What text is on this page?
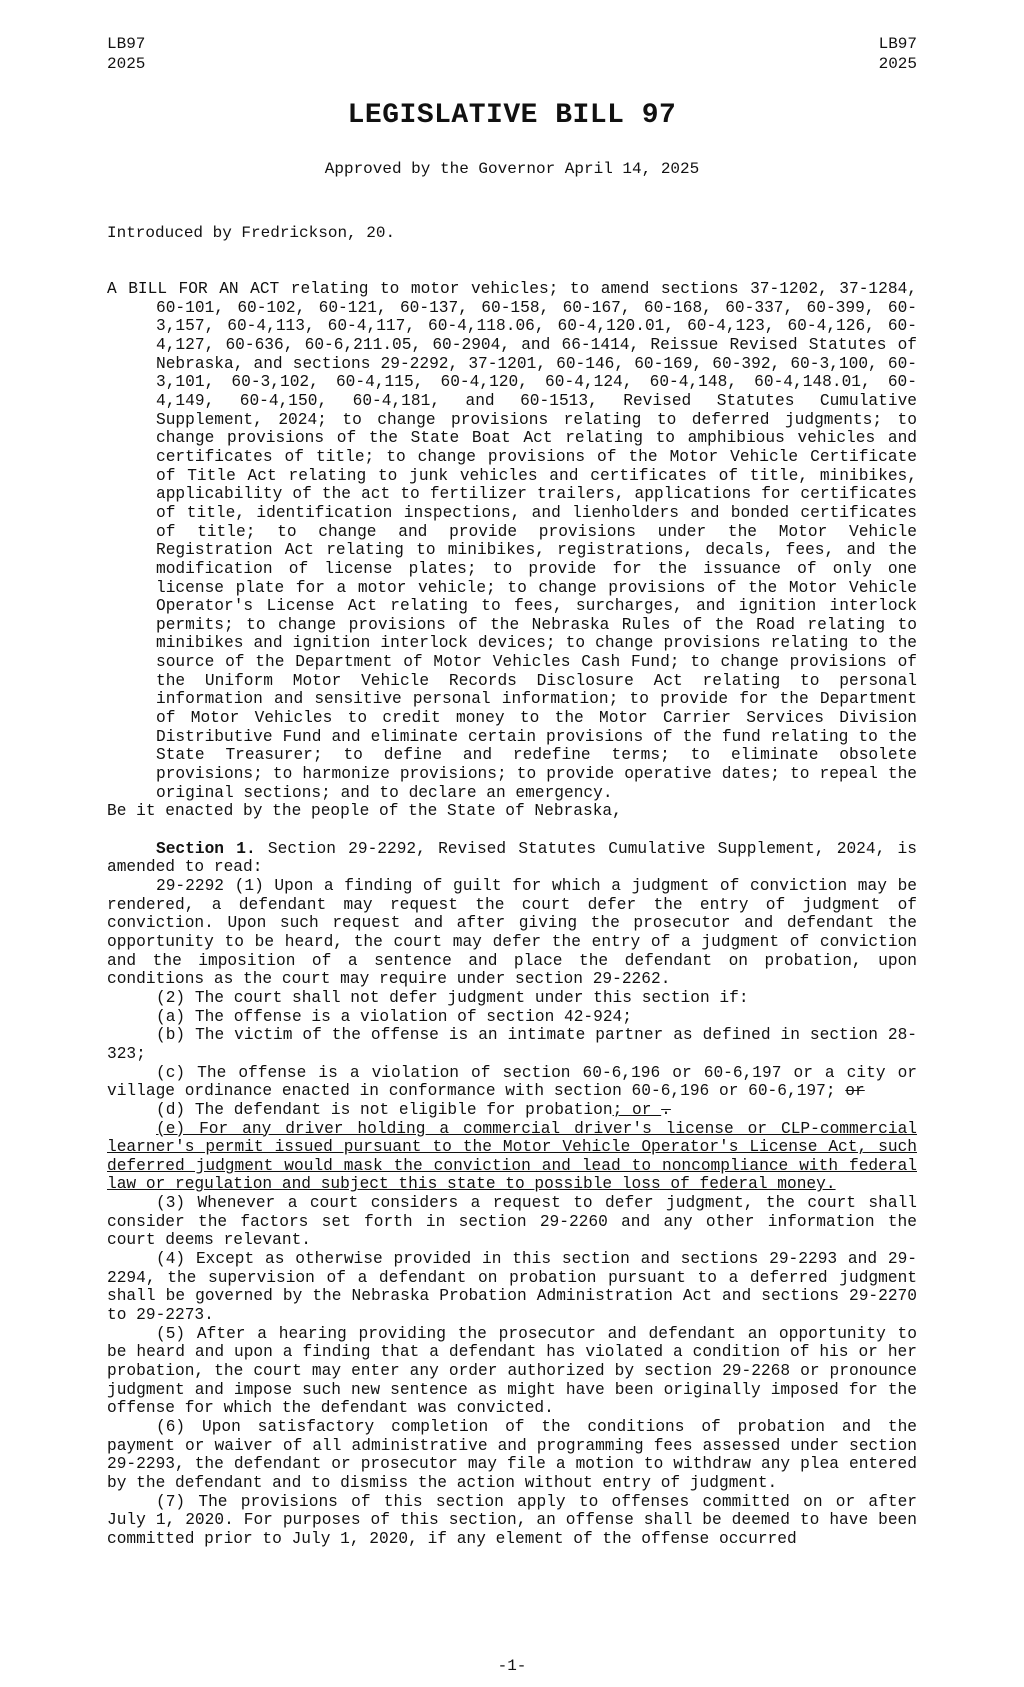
LB97
2025
LB97
2025
LEGISLATIVE BILL 97
Approved by the Governor April 14, 2025
Introduced by Fredrickson, 20.

A BILL FOR AN ACT relating to motor vehicles; to amend sections 37-1202, 37-1284, 60-101, 60-102, 60-121, 60-137, 60-158, 60-167, 60-168, 60-337, 60-399, 60-3,157, 60-4,113, 60-4,117, 60-4,118.06, 60-4,120.01, 60-4,123, 60-4,126, 60-4,127, 60-636, 60-6,211.05, 60-2904, and 66-1414, Reissue Revised Statutes of Nebraska, and sections 29-2292, 37-1201, 60-146, 60-169, 60-392, 60-3,100, 60-3,101, 60-3,102, 60-4,115, 60-4,120, 60-4,124, 60-4,148, 60-4,148.01, 60-4,149, 60-4,150, 60-4,181, and 60-1513, Revised Statutes Cumulative Supplement, 2024; to change provisions relating to deferred judgments; to change provisions of the State Boat Act relating to amphibious vehicles and certificates of title; to change provisions of the Motor Vehicle Certificate of Title Act relating to junk vehicles and certificates of title, minibikes, applicability of the act to fertilizer trailers, applications for certificates of title, identification inspections, and lienholders and bonded certificates of title; to change and provide provisions under the Motor Vehicle Registration Act relating to minibikes, registrations, decals, fees, and the modification of license plates; to provide for the issuance of only one license plate for a motor vehicle; to change provisions of the Motor Vehicle Operator's License Act relating to fees, surcharges, and ignition interlock permits; to change provisions of the Nebraska Rules of the Road relating to minibikes and ignition interlock devices; to change provisions relating to the source of the Department of Motor Vehicles Cash Fund; to change provisions of the Uniform Motor Vehicle Records Disclosure Act relating to personal information and sensitive personal information; to provide for the Department of Motor Vehicles to credit money to the Motor Carrier Services Division Distributive Fund and eliminate certain provisions of the fund relating to the State Treasurer; to define and redefine terms; to eliminate obsolete provisions; to harmonize provisions; to provide operative dates; to repeal the original sections; and to declare an emergency.

Be it enacted by the people of the State of Nebraska,

Section 1. Section 29-2292, Revised Statutes Cumulative Supplement, 2024, is amended to read:

29-2292 (1) Upon a finding of guilt for which a judgment of conviction may be rendered, a defendant may request the court defer the entry of judgment of conviction. Upon such request and after giving the prosecutor and defendant the opportunity to be heard, the court may defer the entry of a judgment of conviction and the imposition of a sentence and place the defendant on probation, upon conditions as the court may require under section 29-2262.

(2) The court shall not defer judgment under this section if:

(a) The offense is a violation of section 42-924;

(b) The victim of the offense is an intimate partner as defined in section 28-323;

(c) The offense is a violation of section 60-6,196 or 60-6,197 or a city or village ordinance enacted in conformance with section 60-6,196 or 60-6,197; or

(d) The defendant is not eligible for probation; or .

(e) For any driver holding a commercial driver's license or CLP-commercial learner's permit issued pursuant to the Motor Vehicle Operator's License Act, such deferred judgment would mask the conviction and lead to noncompliance with federal law or regulation and subject this state to possible loss of federal money.

(3) Whenever a court considers a request to defer judgment, the court shall consider the factors set forth in section 29-2260 and any other information the court deems relevant.

(4) Except as otherwise provided in this section and sections 29-2293 and 29-2294, the supervision of a defendant on probation pursuant to a deferred judgment shall be governed by the Nebraska Probation Administration Act and sections 29-2270 to 29-2273.

(5) After a hearing providing the prosecutor and defendant an opportunity to be heard and upon a finding that a defendant has violated a condition of his or her probation, the court may enter any order authorized by section 29-2268 or pronounce judgment and impose such new sentence as might have been originally imposed for the offense for which the defendant was convicted.

(6) Upon satisfactory completion of the conditions of probation and the payment or waiver of all administrative and programming fees assessed under section 29-2293, the defendant or prosecutor may file a motion to withdraw any plea entered by the defendant and to dismiss the action without entry of judgment.

(7) The provisions of this section apply to offenses committed on or after July 1, 2020. For purposes of this section, an offense shall be deemed to have been committed prior to July 1, 2020, if any element of the offense occurred

-1-
